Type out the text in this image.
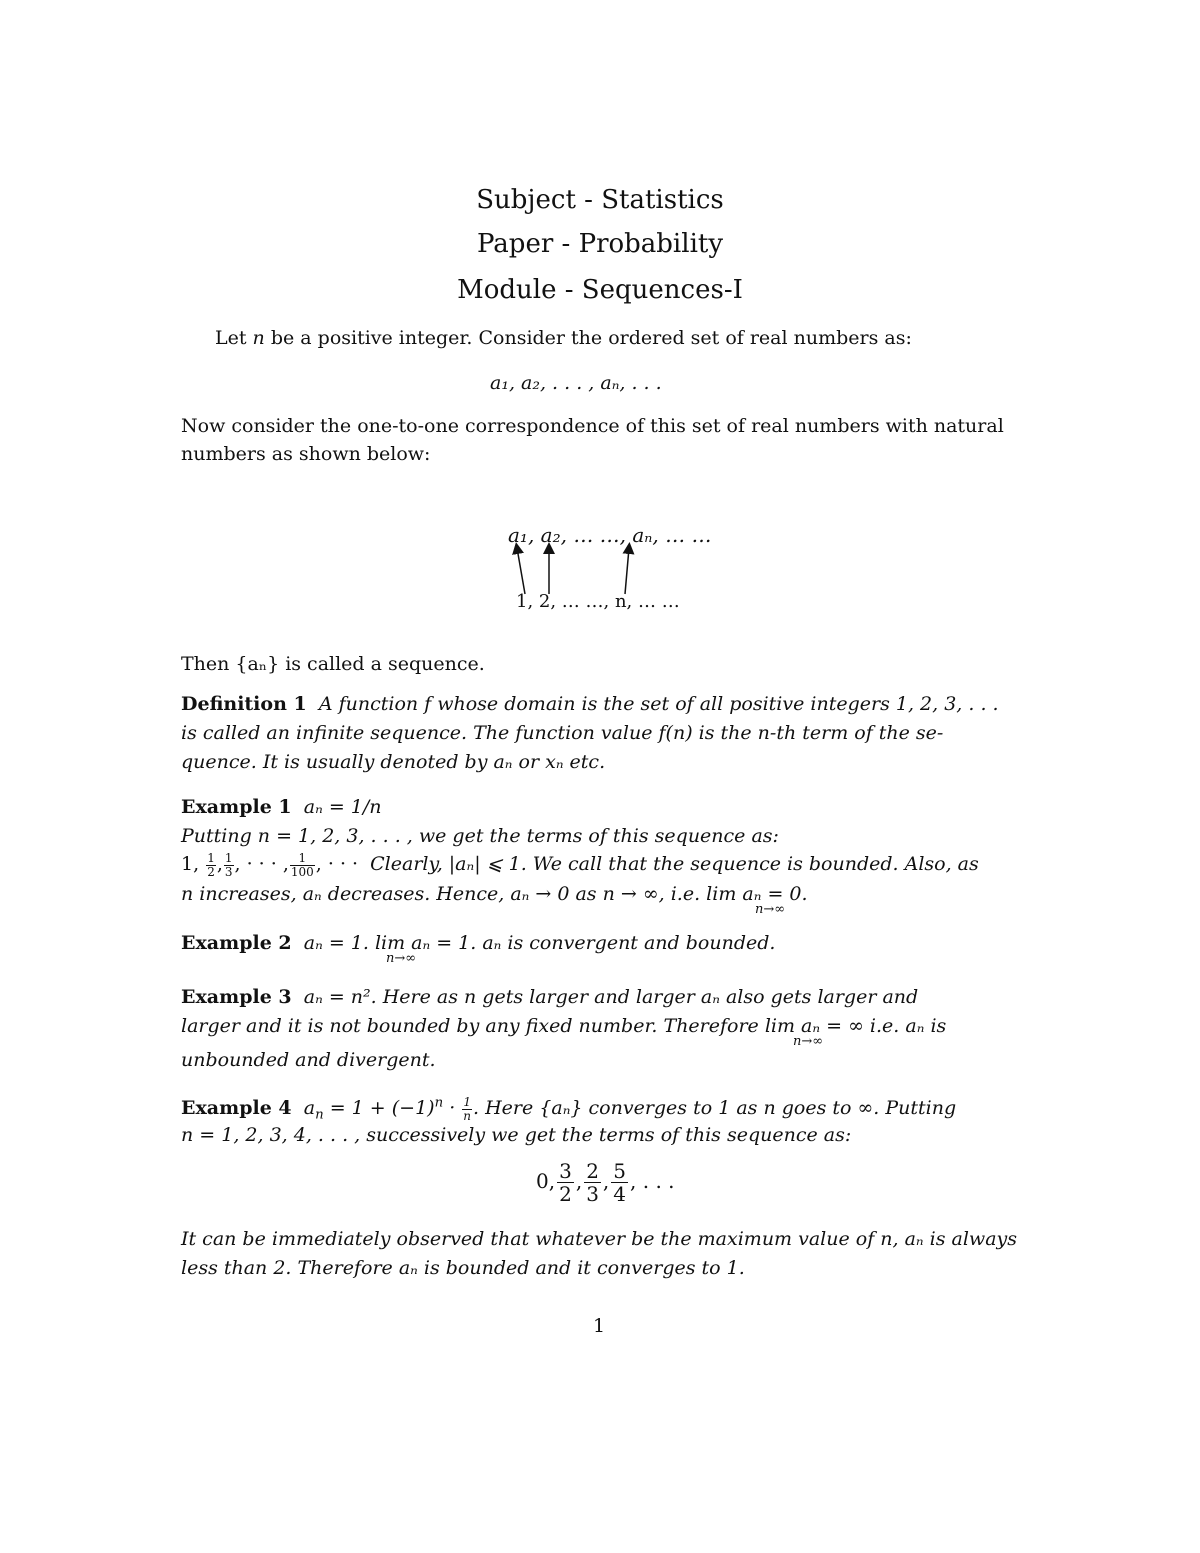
Subject - Statistics

Paper - Probability

Module - Sequences-I

Let n be a positive integer. Consider the ordered set of real numbers as:

a₁, a₂, . . . , aₙ, . . .

Now consider the one-to-one correspondence of this set of real numbers with natural

numbers as shown below:

a₁, a₂, … …, aₙ, … …

1, 2, … …, n, … …

Then {aₙ} is called a sequence.

Definition 1 A function f whose domain is the set of all positive integers 1, 2, 3, . . .

is called an infinite sequence. The function value f(n) is the n-th term of the se-

quence. It is usually denoted by aₙ or xₙ etc.

Example 1 aₙ = 1/n

Putting n = 1, 2, 3, . . . , we get the terms of this sequence as:

1, $\frac{1}{2}$ , $\frac{1}{3}$ , · · · , $\frac{1}{100}$ , · · ·  Clearly, |aₙ| ⩽ 1. We call that the sequence is bounded. Also, as

n increases, aₙ decreases. Hence, aₙ → 0 as n → ∞, i.e. lim aₙ = 0.

n→∞

Example 2 aₙ = 1. lim aₙ = 1. aₙ is convergent and bounded.

n→∞

Example 3 aₙ = n². Here as n gets larger and larger aₙ also gets larger and

larger and it is not bounded by any fixed number. Therefore lim aₙ = ∞ i.e. aₙ is

n→∞

unbounded and divergent.

Example 4 $a_n = 1 + (-1)^n \cdot \frac{1}{n}$ . Here {aₙ} converges to 1 as n goes to ∞. Putting

n = 1, 2, 3, 4, . . . , successively we get the terms of this sequence as:

0, $\frac{3}{2}$ , $\frac{2}{3}$ , $\frac{5}{4}$ , . . .

It can be immediately observed that whatever be the maximum value of n, aₙ is always

less than 2. Therefore aₙ is bounded and it converges to 1.

1
